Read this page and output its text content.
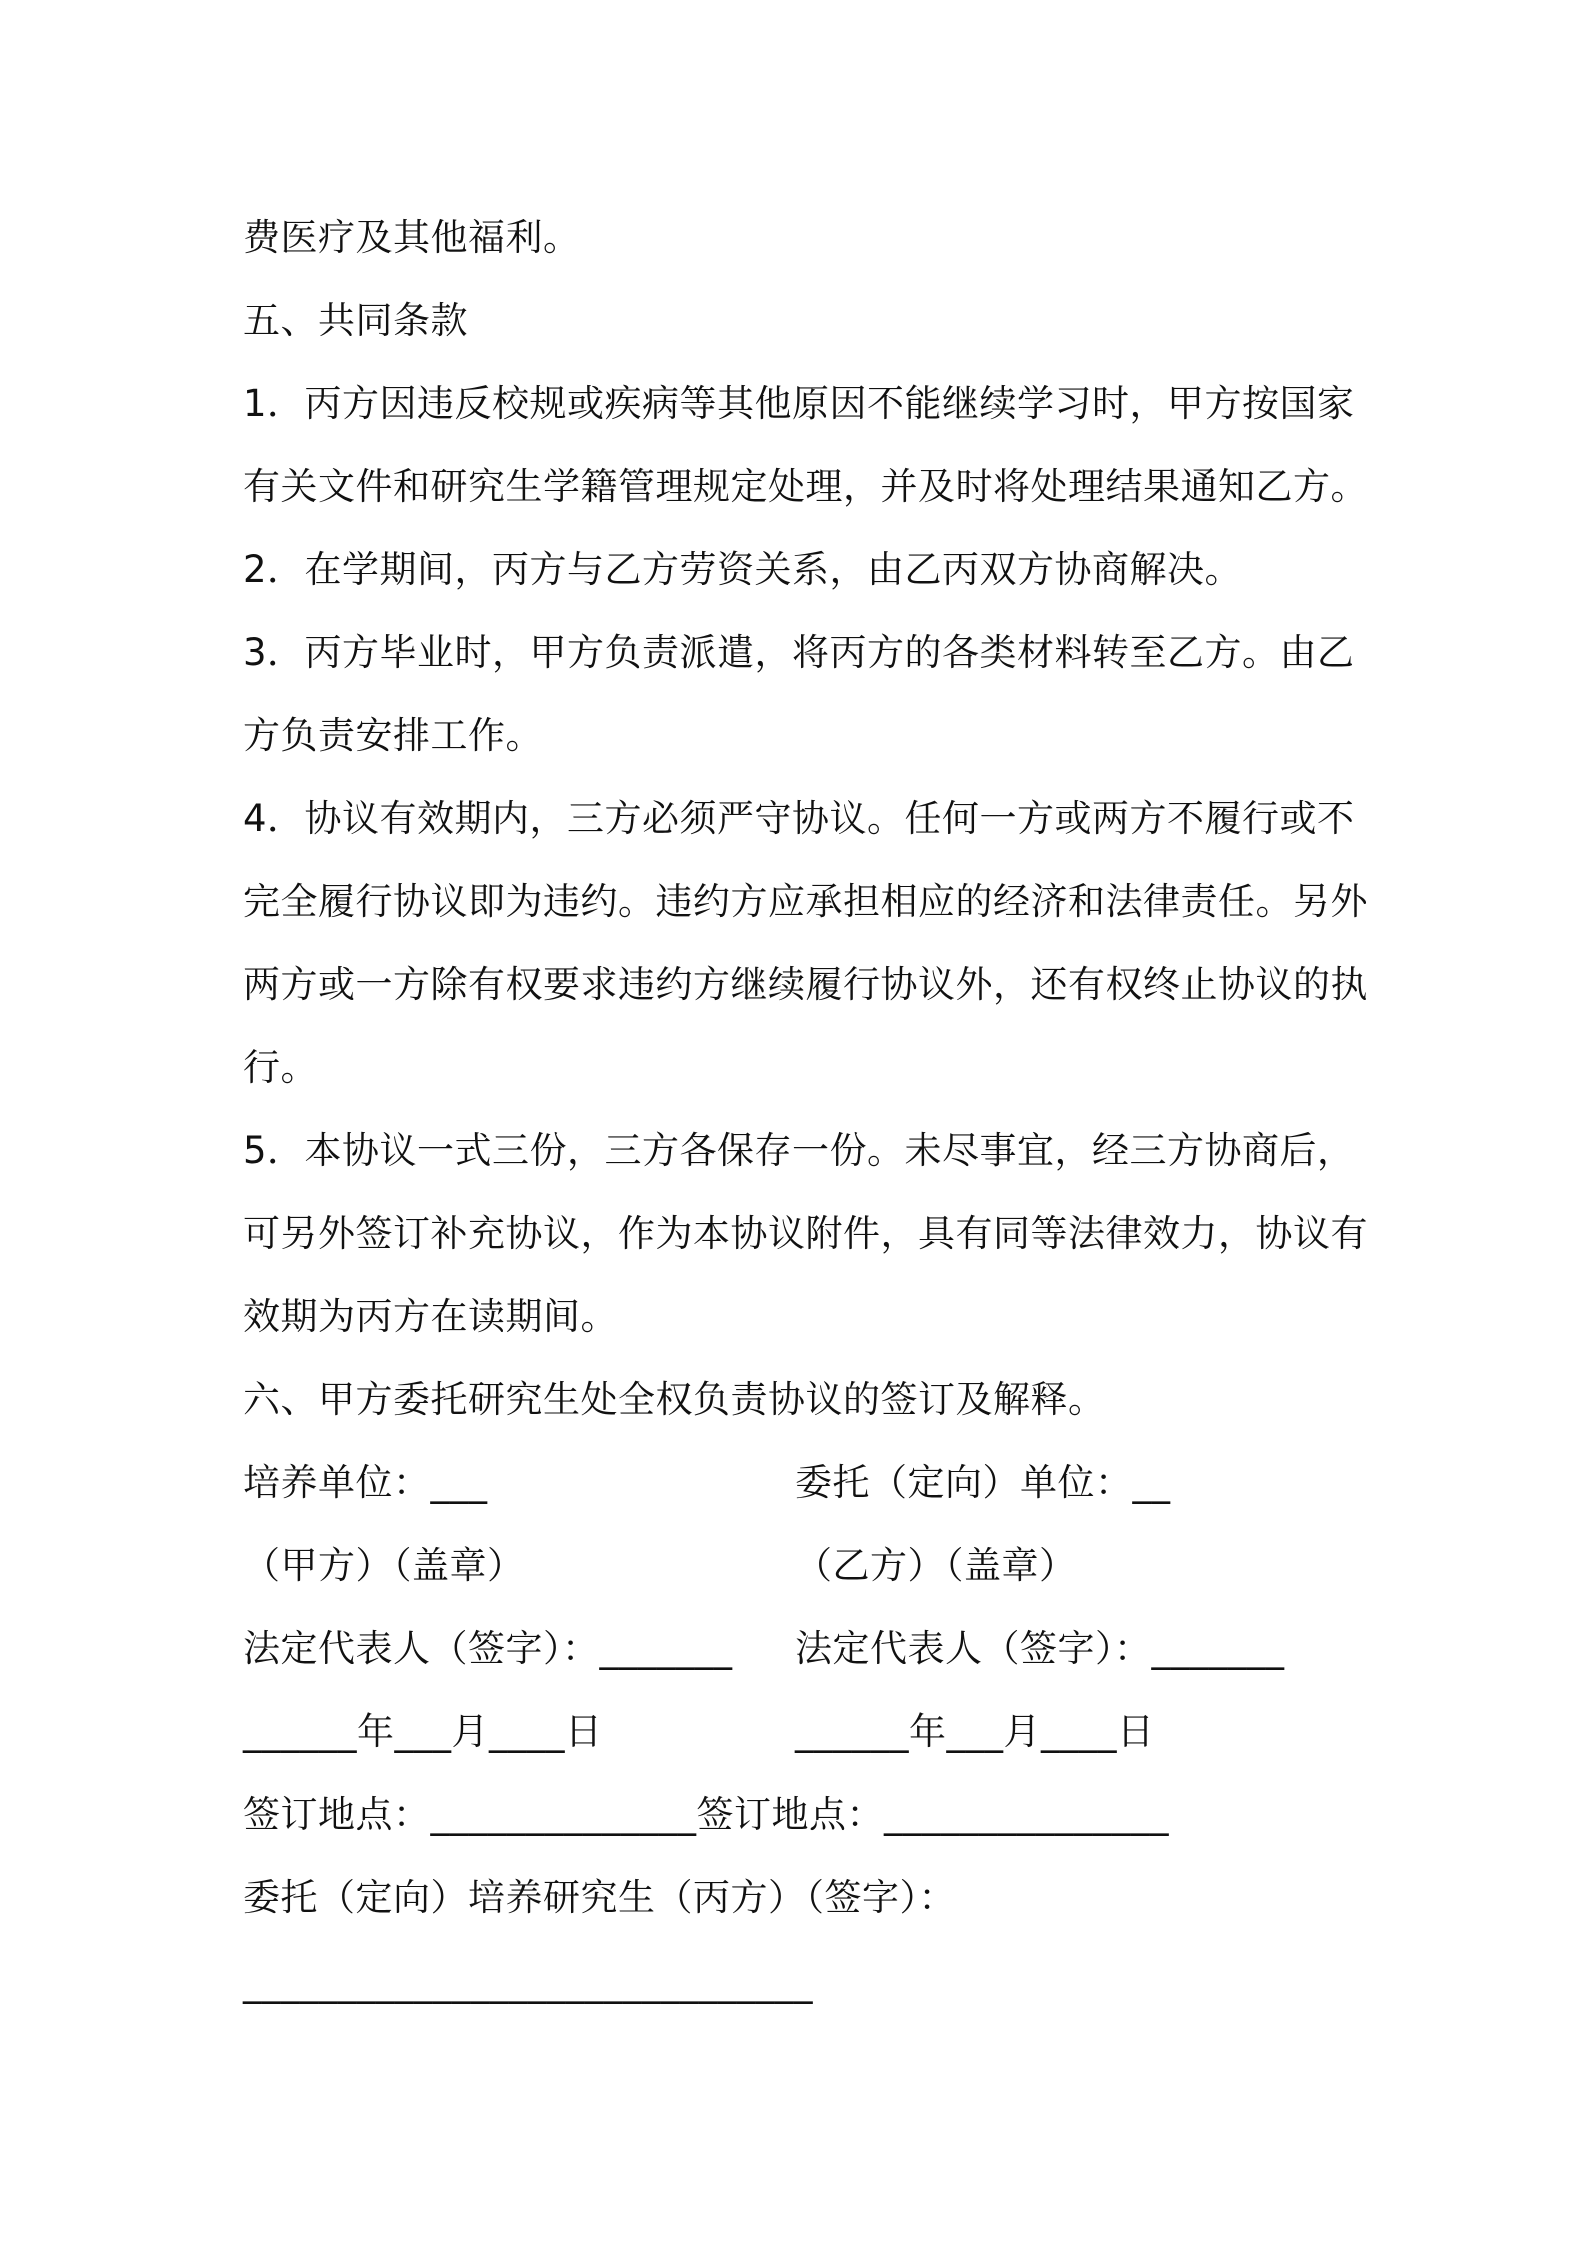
费医疗及其他福利。
五、共同条款
1．丙方因违反校规或疾病等其他原因不能继续学习时，甲方按国家
有关文件和研究生学籍管理规定处理，并及时将处理结果通知乙方。
2．在学期间，丙方与乙方劳资关系，由乙丙双方协商解决。
3．丙方毕业时，甲方负责派遣，将丙方的各类材料转至乙方。由乙
方负责安排工作。
4．协议有效期内，三方必须严守协议。任何一方或两方不履行或不
完全履行协议即为违约。违约方应承担相应的经济和法律责任。另外
两方或一方除有权要求违约方继续履行协议外，还有权终止协议的执
行。
5．本协议一式三份，三方各保存一份。未尽事宜，经三方协商后，
可另外签订补充协议，作为本协议附件，具有同等法律效力，协议有
效期为丙方在读期间。
六、甲方委托研究生处全权负责协议的签订及解释。
培养单位：___	委托（定向）单位：__
（甲方）（盖章）	（乙方）（盖章）
法定代表人（签字）：_______	法定代表人（签字）：_______
______年___月____日	______年___月____日
签订地点：______________ 签订地点：_______________
委托（定向）培养研究生（丙方）（签字）：
______________________________
